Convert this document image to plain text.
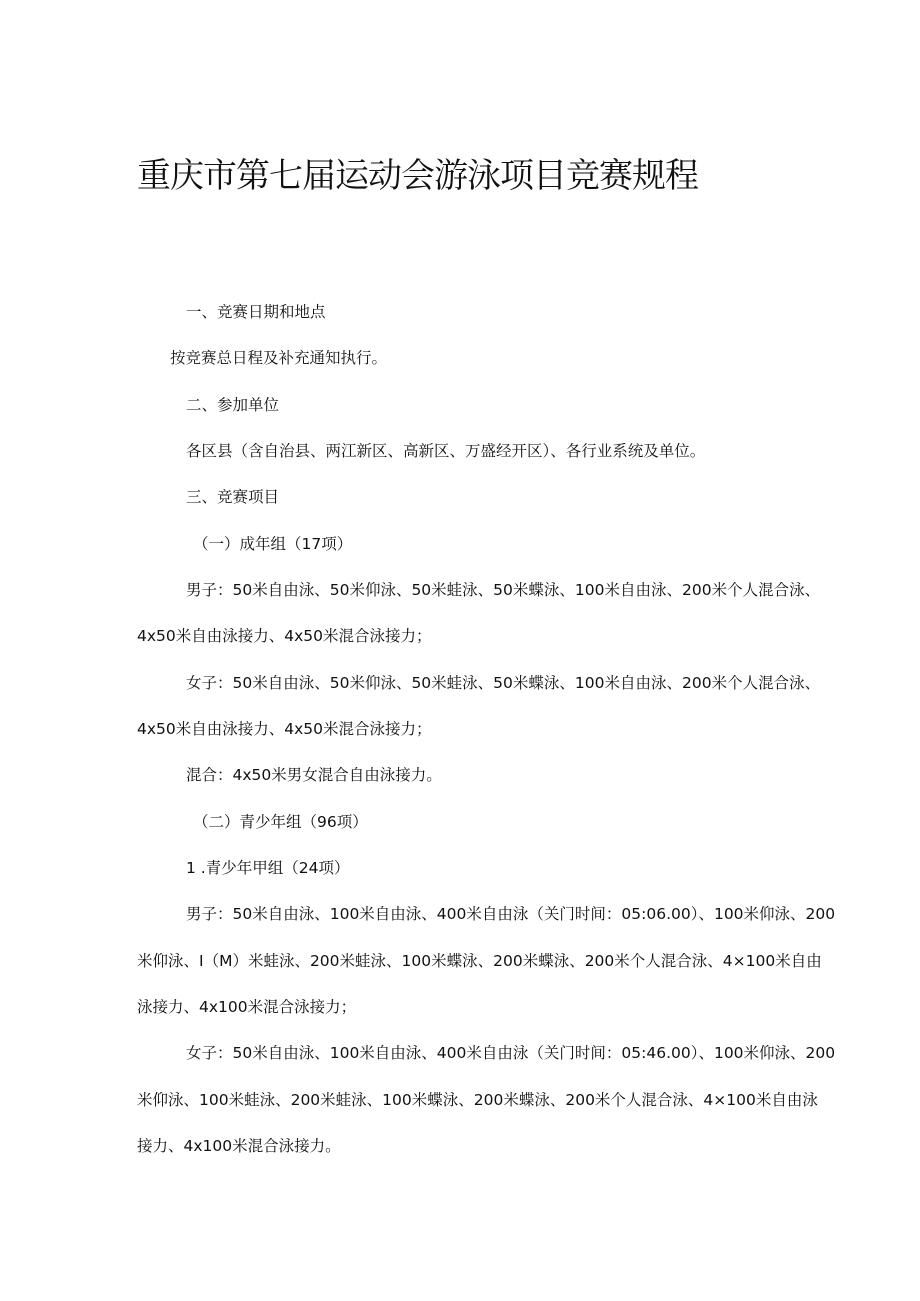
重庆市第七届运动会游泳项目竞赛规程

一、竞赛日期和地点

按竞赛总日程及补充通知执行。

二、参加单位

各区县（含自治县、两江新区、高新区、万盛经开区）、各行业系统及单位。

三、竞赛项目

（一）成年组（17项）

男子：50米自由泳、50米仰泳、50米蛙泳、50米蝶泳、100米自由泳、200米个人混合泳、

4x50米自由泳接力、4x50米混合泳接力；

女子：50米自由泳、50米仰泳、50米蛙泳、50米蝶泳、100米自由泳、200米个人混合泳、

4x50米自由泳接力、4x50米混合泳接力；

混合：4x50米男女混合自由泳接力。

（二）青少年组（96项）

1 .青少年甲组（24项）

男子：50米自由泳、100米自由泳、400米自由泳（关门时间：05:06.00）、100米仰泳、200

米仰泳、I（M）米蛙泳、200米蛙泳、100米蝶泳、200米蝶泳、200米个人混合泳、4×100米自由

泳接力、4x100米混合泳接力；

女子：50米自由泳、100米自由泳、400米自由泳（关门时间：05:46.00）、100米仰泳、200

米仰泳、100米蛙泳、200米蛙泳、100米蝶泳、200米蝶泳、200米个人混合泳、4×100米自由泳

接力、4x100米混合泳接力。
